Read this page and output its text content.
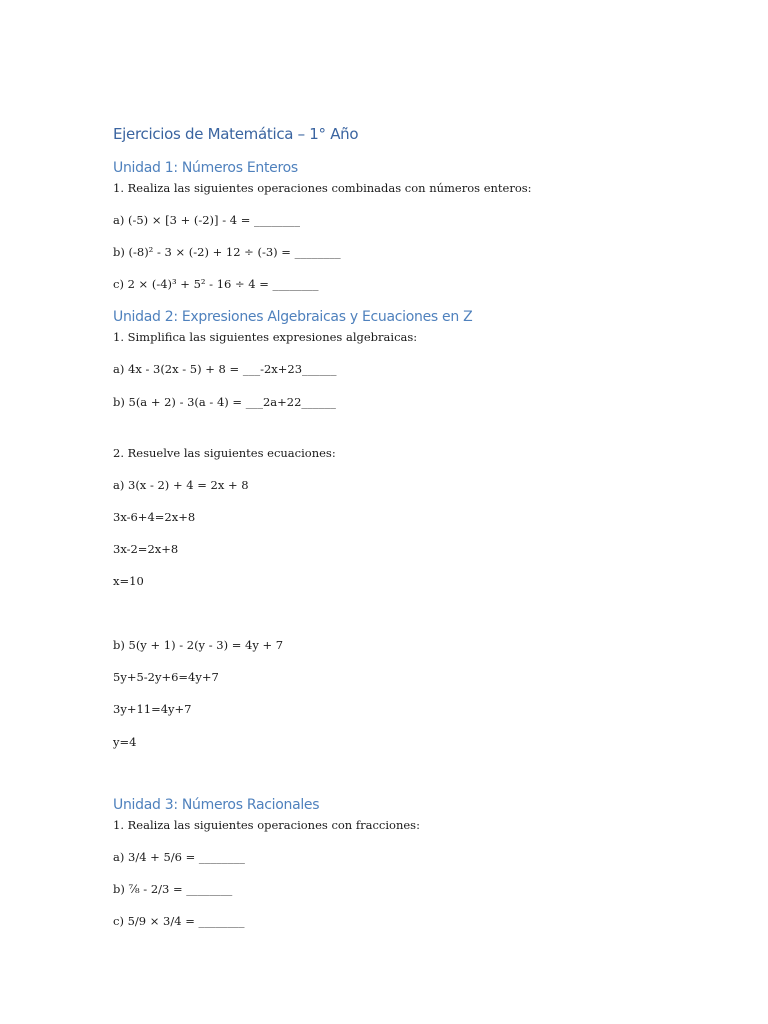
Ejercicios de Matemática – 1° Año
Unidad 1: Números Enteros
1. Realiza las siguientes operaciones combinadas con números enteros:
a) (-5) × [3 + (-2)] - 4 = ________
b) (-8)² - 3 × (-2) + 12 ÷ (-3) = ________
c) 2 × (-4)³ + 5² - 16 ÷ 4 = ________
Unidad 2: Expresiones Algebraicas y Ecuaciones en Z
1. Simplifica las siguientes expresiones algebraicas:
a) 4x - 3(2x - 5) + 8 = ___-2x+23______
b) 5(a + 2) - 3(a - 4) = ___2a+22______
2. Resuelve las siguientes ecuaciones:
a) 3(x - 2) + 4 = 2x + 8
3x-6+4=2x+8
3x-2=2x+8
x=10
b) 5(y + 1) - 2(y - 3) = 4y + 7
5y+5-2y+6=4y+7
3y+11=4y+7
y=4
Unidad 3: Números Racionales
1. Realiza las siguientes operaciones con fracciones:
a) 3/4 + 5/6 = ________
b) ⅞ - 2/3 = ________
c) 5/9 × 3/4 = ________
